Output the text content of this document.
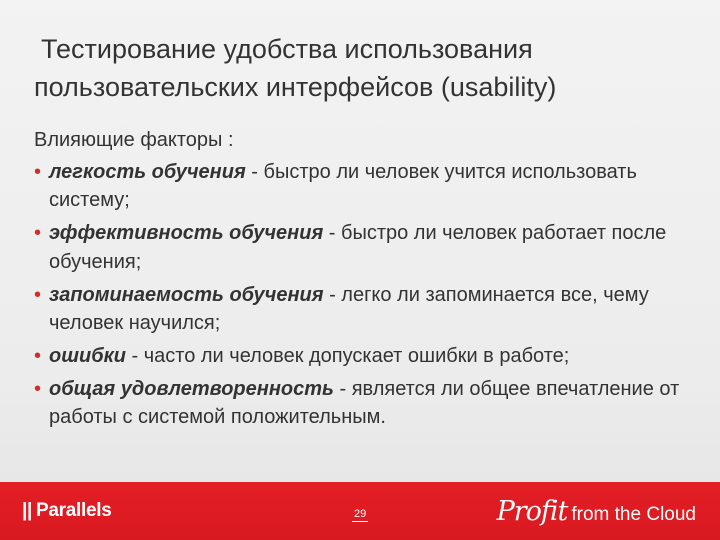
Тестирование удобства использования
пользовательских интерфейсов (usability)
Влияющие факторы :
• легкость обучения - быстро ли человек учится использовать систему;
• эффективность обучения - быстро ли человек работает после обучения;
• запоминаемость обучения - легко ли запоминается все, чему человек научился;
• ошибки - часто ли человек допускает ошибки в работе;
• общая удовлетворенность - является ли общее впечатление от работы с системой положительным.
|| Parallels	29	Profit from the Cloud
